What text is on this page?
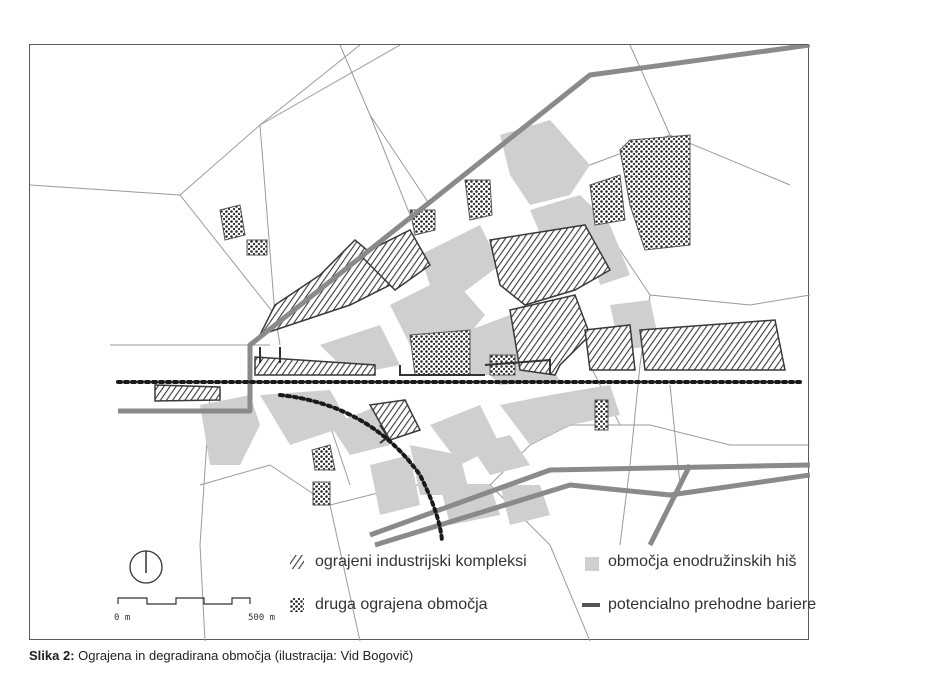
ograjeni industrijski kompleksi
druga ograjena območja
območja enodružinskih hiš
potencialno prehodne bariere
0 m	500 m
Slika 2: Ograjena in degradirana območja (ilustracija: Vid Bogovič)
